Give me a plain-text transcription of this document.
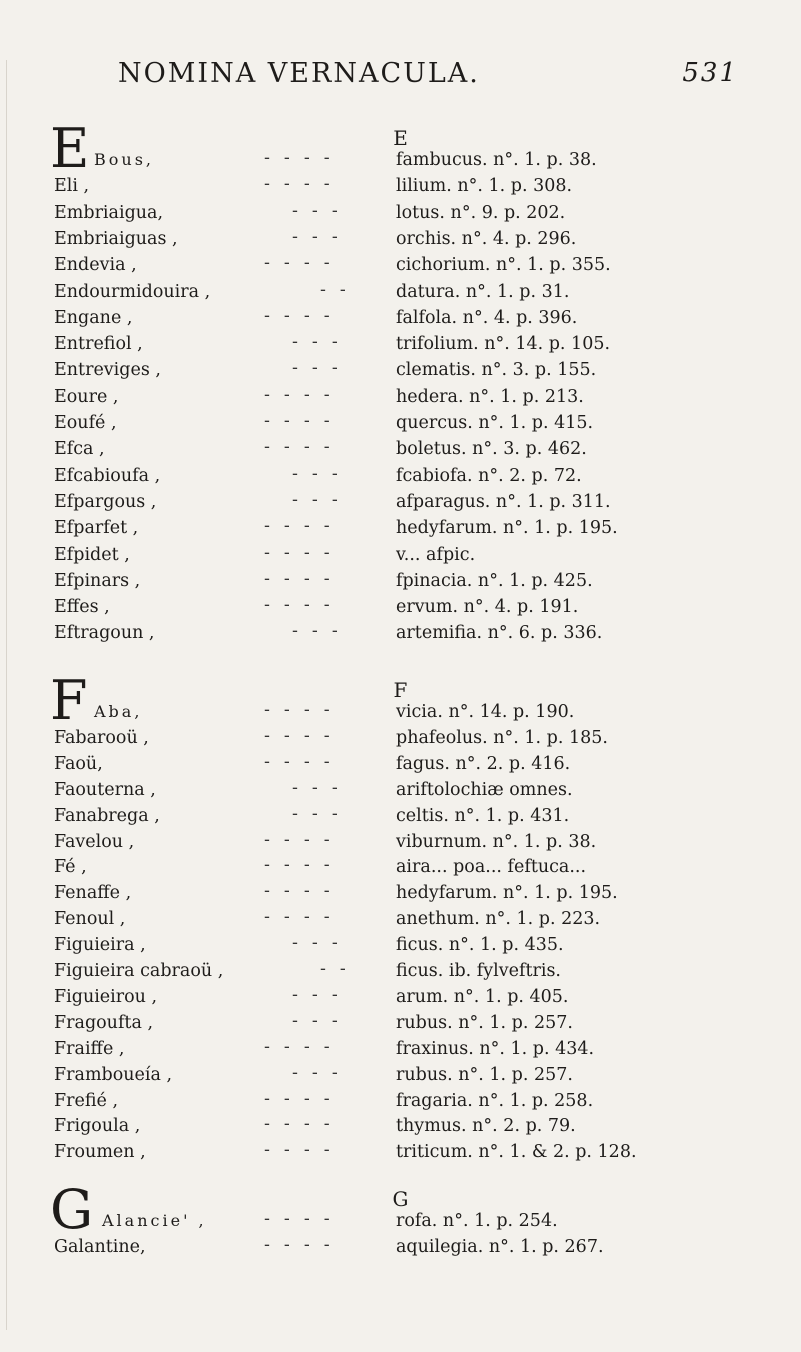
NOMINA VERNACULA.	531
E
E Bous,	----	fambucus. n°. 1. p. 38.
Eli ,	----	lilium. n°. 1. p. 308.
Embriaigua,	---	lotus. n°. 9. p. 202.
Embriaiguas ,	---	orchis. n°. 4. p. 296.
Endevia ,	----	cichorium. n°. 1. p. 355.
Endourmidouira ,	-- datura. n°. 1. p. 31.
Engane ,	----	falfola. n°. 4. p. 396.
Entrefiol ,	---	trifolium. n°. 14. p. 105.
Entreviges ,	---	clematis. n°. 3. p. 155.
Eoure ,	----	hedera. n°. 1. p. 213.
Eoufé ,	----	quercus. n°. 1. p. 415.
Efca ,	----	boletus. n°. 3. p. 462.
Efcabioufa ,	---	fcabiofa. n°. 2. p. 72.
Efpargous ,	---	afparagus. n°. 1. p. 311.
Efparfet ,	----	hedyfarum. n°. 1. p. 195.
Efpidet ,	----	v... afpic.
Efpinars ,	----	fpinacia. n°. 1. p. 425.
Effes ,	----	ervum. n°. 4. p. 191.
Eftragoun ,	---	artemifia. n°. 6. p. 336.
F
F Aba,	----	vicia. n°. 14. p. 190.
Fabarooü ,	----	phafeolus. n°. 1. p. 185.
Faoü,	----	fagus. n°. 2. p. 416.
Faouterna ,	---	ariftolochiæ omnes.
Fanabrega ,	---	celtis. n°. 1. p. 431.
Favelou ,	----	viburnum. n°. 1. p. 38.
Fé ,	----	aira... poa... feftuca...
Fenaffe ,	----	hedyfarum. n°. 1. p. 195.
Fenoul ,	----	anethum. n°. 1. p. 223.
Figuieira ,	---	ficus. n°. 1. p. 435.
Figuieira cabraoü ,	-- ficus. ib. fylveftris.
Figuieirou ,	---	arum. n°. 1. p. 405.
Fragoufta ,	---	rubus. n°. 1. p. 257.
Fraiffe ,	----	fraxinus. n°. 1. p. 434.
Framboueía ,	---	rubus. n°. 1. p. 257.
Frefié ,	----	fragaria. n°. 1. p. 258.
Frigoula ,	----	thymus. n°. 2. p. 79.
Froumen ,	----	triticum. n°. 1. & 2. p. 128.
G
G Alancie' ,	----	rofa. n°. 1. p. 254.
Galantine,	----	aquilegia. n°. 1. p. 267.
